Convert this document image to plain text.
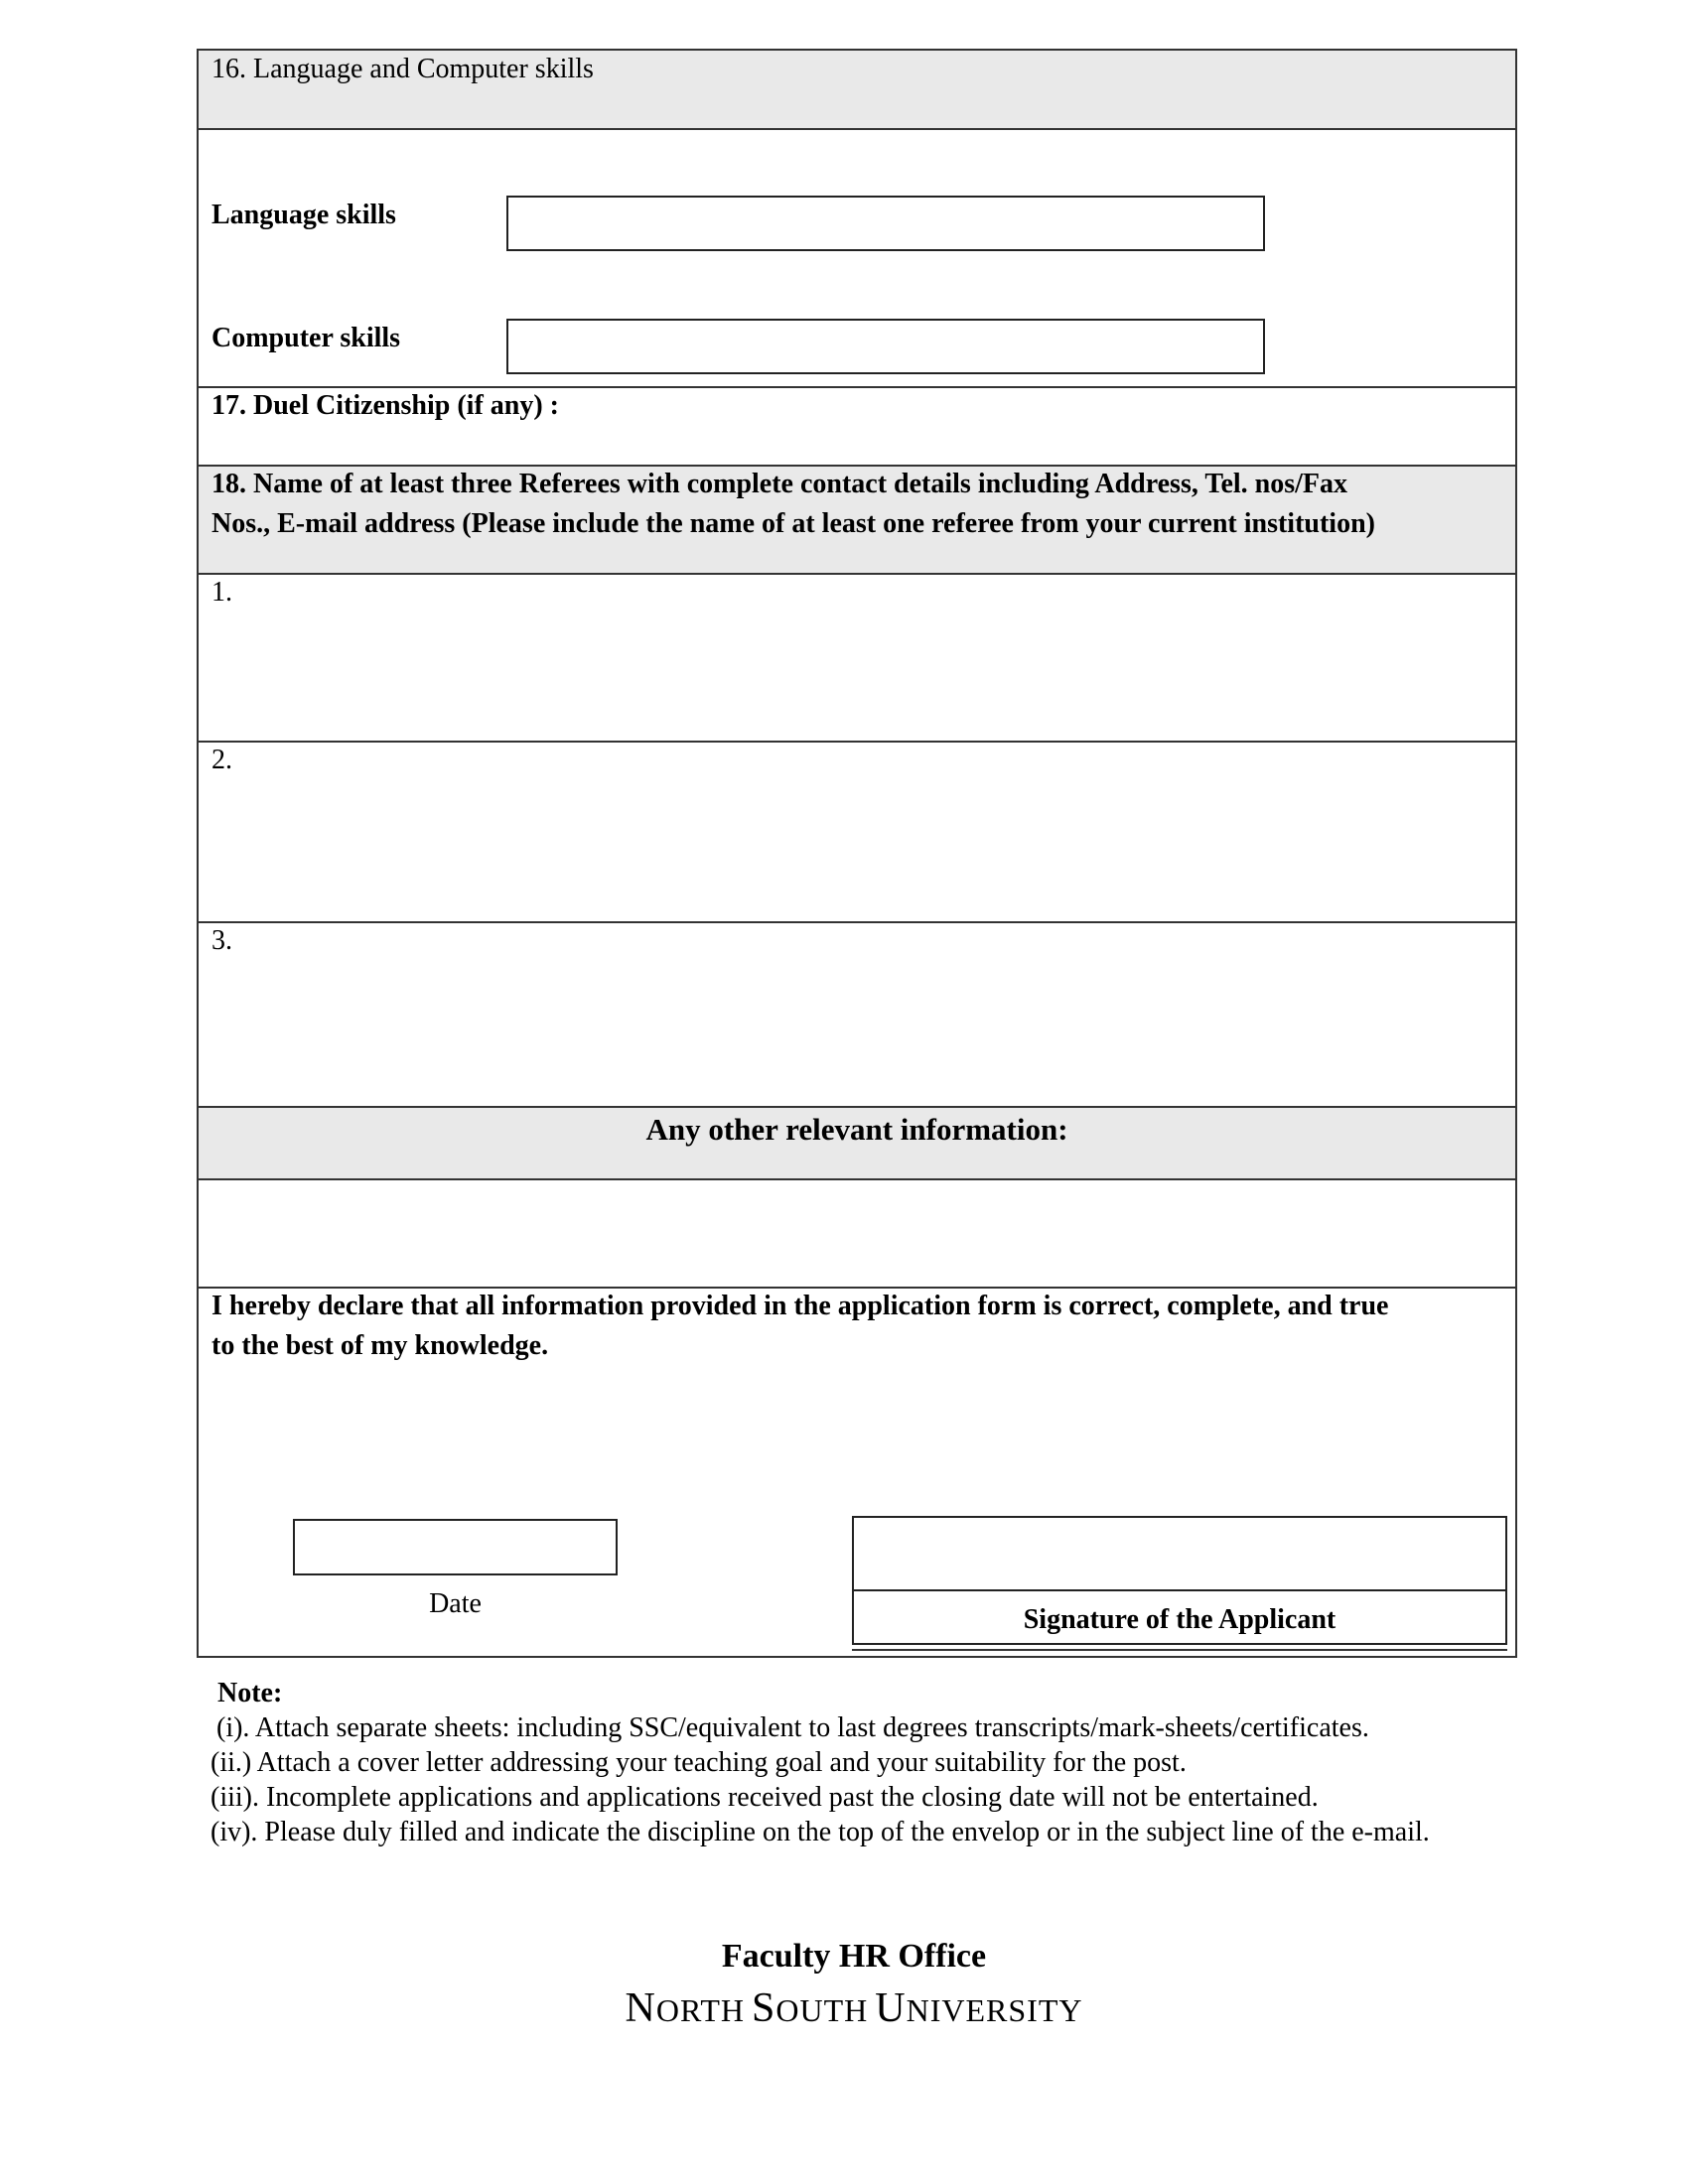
16. Language and Computer skills
Language skills
Computer skills
17. Duel Citizenship (if any) :
18. Name of at least three Referees with complete contact details including Address, Tel. nos/Fax
Nos., E-mail address (Please include the name of at least one referee from your current institution)
1.
2.
3.
Any other relevant information:
I hereby declare that all information provided in the application form is correct, complete, and true
to the best of my knowledge.
Date
Signature of the Applicant
Note:
(i). Attach separate sheets: including SSC/equivalent to last degrees transcripts/mark-sheets/certificates.
(ii.) Attach a cover letter addressing your teaching goal and your suitability for the post.
(iii). Incomplete applications and applications received past the closing date will not be entertained.
(iv). Please duly filled and indicate the discipline on the top of the envelop or in the subject line of the e-mail.
Faculty HR Office
NORTH SOUTH UNIVERSITY
